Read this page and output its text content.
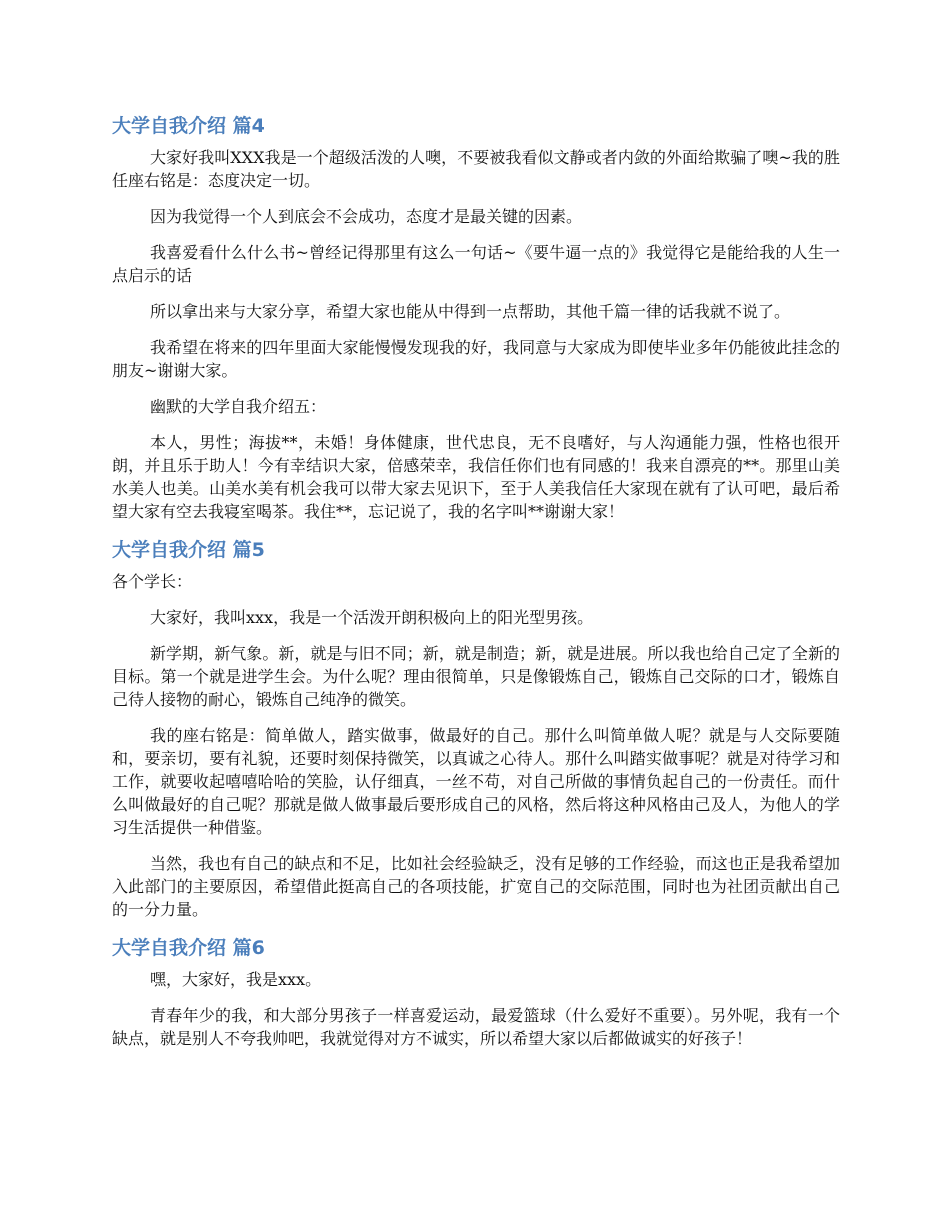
大学自我介绍 篇4

大家好我叫XXX我是一个超级活泼的人噢，不要被我看似文静或者内敛的外面给欺骗了噢~我的胜任座右铭是：态度决定一切。

因为我觉得一个人到底会不会成功，态度才是最关键的因素。

我喜爱看什么什么书~曾经记得那里有这么一句话~《要牛逼一点的》我觉得它是能给我的人生一点启示的话

所以拿出来与大家分享，希望大家也能从中得到一点帮助，其他千篇一律的话我就不说了。

我希望在将来的四年里面大家能慢慢发现我的好，我同意与大家成为即使毕业多年仍能彼此挂念的朋友~谢谢大家。

幽默的大学自我介绍五：

本人，男性；海拔**，未婚！身体健康，世代忠良，无不良嗜好，与人沟通能力强，性格也很开朗，并且乐于助人！今有幸结识大家，倍感荣幸，我信任你们也有同感的！我来自漂亮的**。那里山美水美人也美。山美水美有机会我可以带大家去见识下，至于人美我信任大家现在就有了认可吧，最后希望大家有空去我寝室喝茶。我住**，忘记说了，我的名字叫**谢谢大家！

大学自我介绍 篇5

各个学长：

大家好，我叫xxx，我是一个活泼开朗积极向上的阳光型男孩。

新学期，新气象。新，就是与旧不同；新，就是制造；新，就是进展。所以我也给自己定了全新的目标。第一个就是进学生会。为什么呢？理由很简单，只是像锻炼自己，锻炼自己交际的口才，锻炼自己待人接物的耐心，锻炼自己纯净的微笑。

我的座右铭是：简单做人，踏实做事，做最好的自己。那什么叫简单做人呢？就是与人交际要随和，要亲切，要有礼貌，还要时刻保持微笑，以真诚之心待人。那什么叫踏实做事呢？就是对待学习和工作，就要收起嘻嘻哈哈的笑脸，认仔细真，一丝不苟，对自己所做的事情负起自己的一份责任。而什么叫做最好的自己呢？那就是做人做事最后要形成自己的风格，然后将这种风格由己及人，为他人的学习生活提供一种借鉴。

当然，我也有自己的缺点和不足，比如社会经验缺乏，没有足够的工作经验，而这也正是我希望加入此部门的主要原因，希望借此挺高自己的各项技能，扩宽自己的交际范围，同时也为社团贡献出自己的一分力量。

大学自我介绍 篇6

嘿，大家好，我是xxx。

青春年少的我，和大部分男孩子一样喜爱运动，最爱篮球（什么爱好不重要）。另外呢，我有一个缺点，就是别人不夸我帅吧，我就觉得对方不诚实，所以希望大家以后都做诚实的好孩子！
